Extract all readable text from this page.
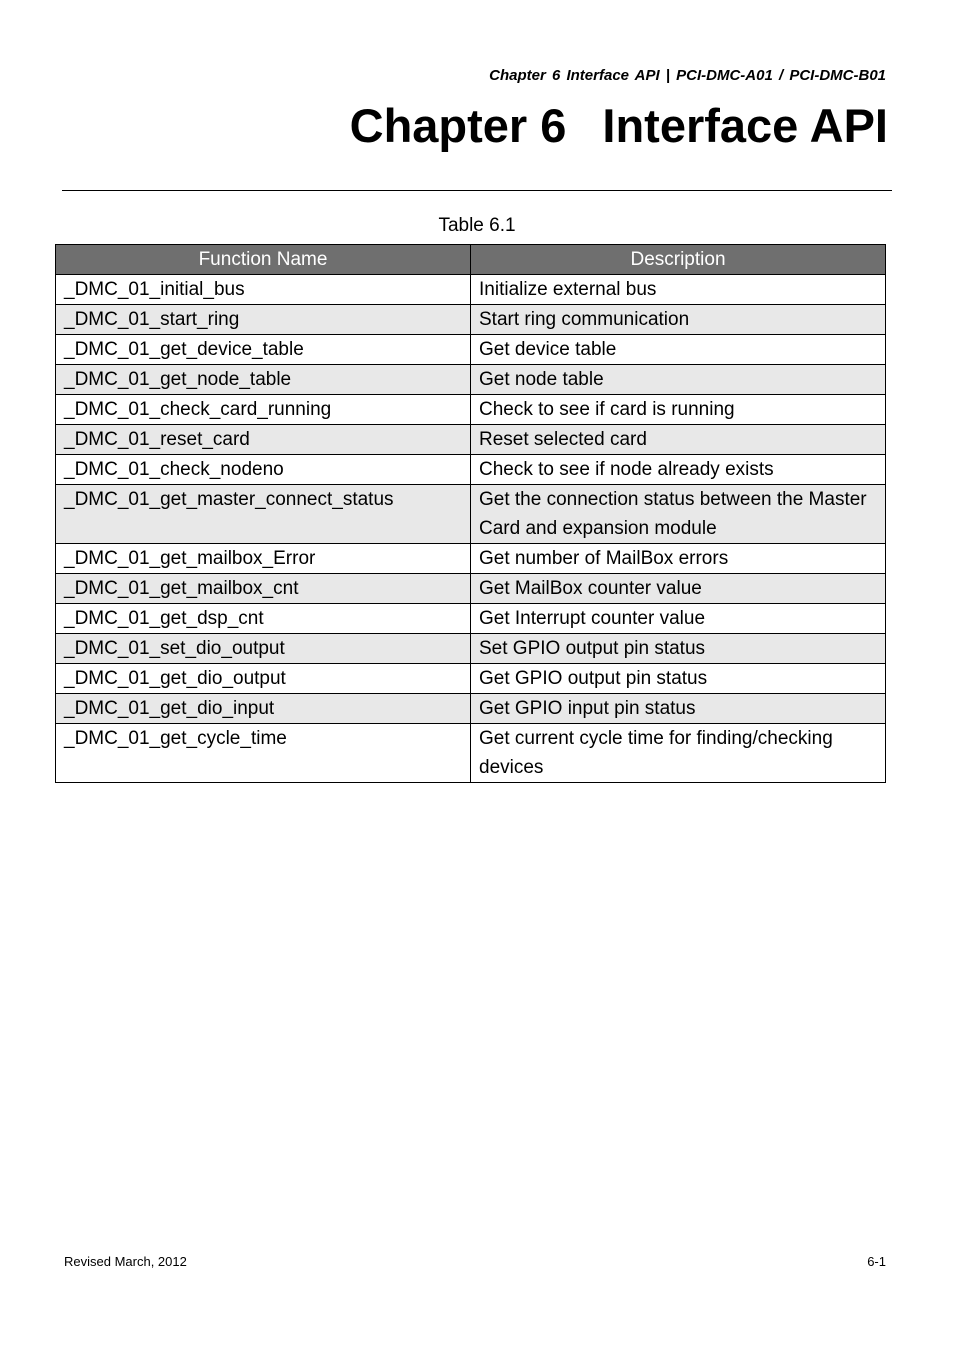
Chapter 6 Interface API | PCI-DMC-A01 / PCI-DMC-B01
Chapter 6 Interface API
Table 6.1
Function Name	Description
_DMC_01_initial_bus	Initialize external bus
_DMC_01_start_ring	Start ring communication
_DMC_01_get_device_table	Get device table
_DMC_01_get_node_table	Get node table
_DMC_01_check_card_running	Check to see if card is running
_DMC_01_reset_card	Reset selected card
_DMC_01_check_nodeno	Check to see if node already exists
_DMC_01_get_master_connect_status	Get the connection status between the Master Card and expansion module
_DMC_01_get_mailbox_Error	Get number of MailBox errors
_DMC_01_get_mailbox_cnt	Get MailBox counter value
_DMC_01_get_dsp_cnt	Get Interrupt counter value
_DMC_01_set_dio_output	Set GPIO output pin status
_DMC_01_get_dio_output	Get GPIO output pin status
_DMC_01_get_dio_input	Get GPIO input pin status
_DMC_01_get_cycle_time	Get current cycle time for finding/checking devices
Revised March, 2012	6-1
